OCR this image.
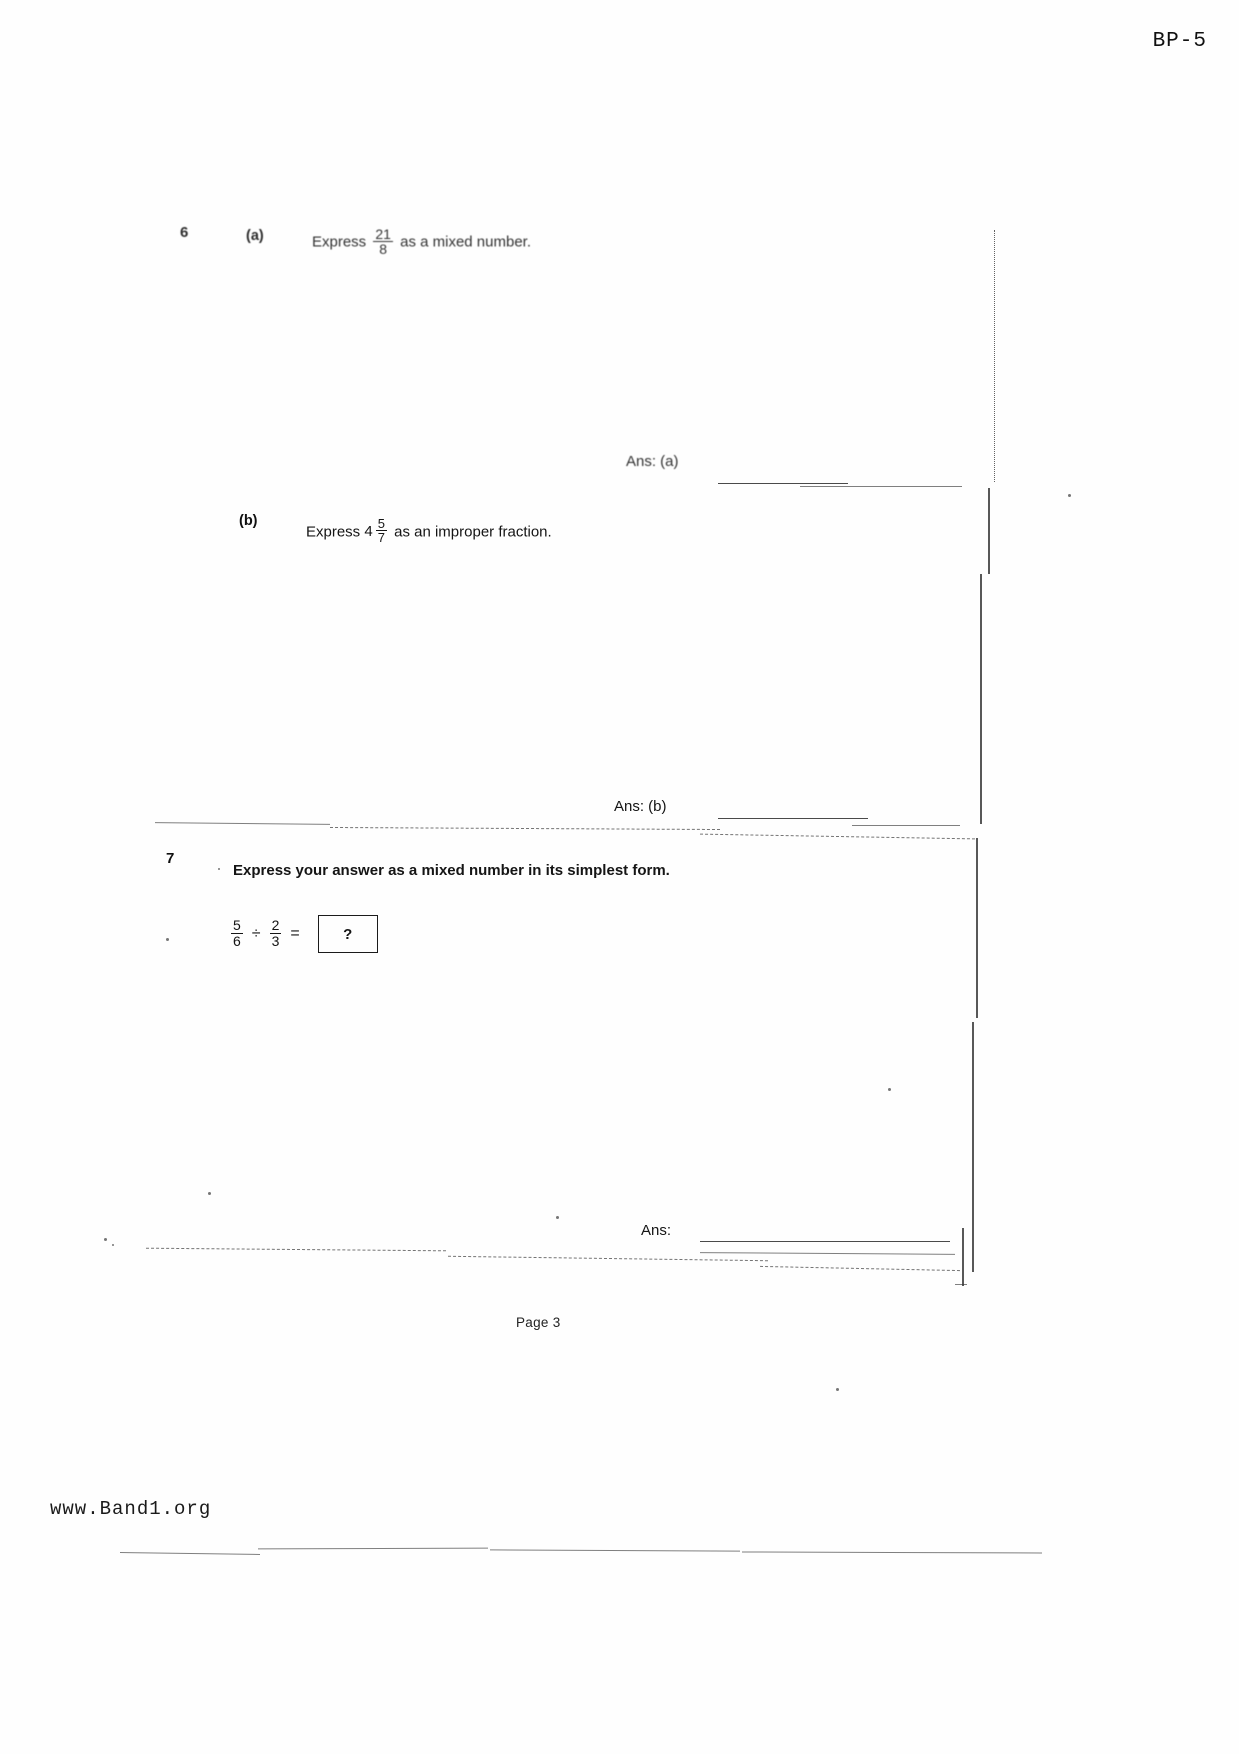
BP-5
6	(a)	Express $\frac{21}{8}$ as a mixed number.
Ans: (a)
(b)
Express $4 \frac{5}{7}$ as an improper fraction.
Ans: (b)
7
Express your answer as a mixed number in its simplest form.
$\frac{5}{6} \div \frac{2}{3}$ =	?
Ans:
Page 3
www.Band1.org
